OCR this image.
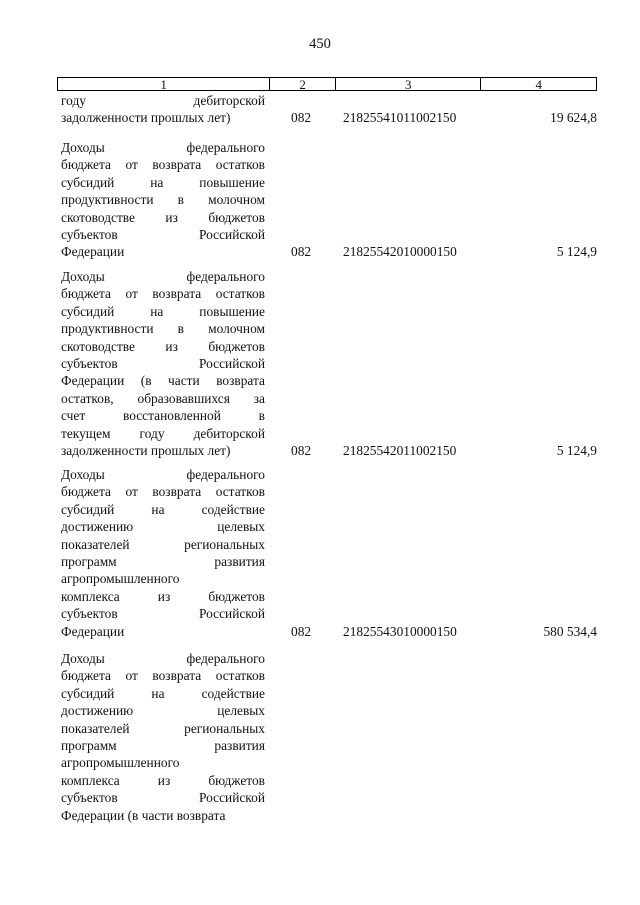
450
1	2	3	4
году дебиторской
задолженности прошлых лет)	082 21825541011002150	19 624,8
Доходы федерального
бюджета от возврата остатков
субсидий на повышение
продуктивности в молочном
скотоводстве из бюджетов
субъектов Российской
Федерации	082 21825542010000150	5 124,9
Доходы федерального
бюджета от возврата остатков
субсидий на повышение
продуктивности в молочном
скотоводстве из бюджетов
субъектов Российской
Федерации (в части возврата
остатков, образовавшихся за
счет восстановленной в
текущем году дебиторской
задолженности прошлых лет)	082 21825542011002150	5 124,9
Доходы федерального
бюджета от возврата остатков
субсидий на содействие
достижению целевых
показателей региональных
программ развития
агропромышленного
комплекса из бюджетов
субъектов Российской
Федерации	082 21825543010000150	580 534,4
Доходы федерального
бюджета от возврата остатков
субсидий на содействие
достижению целевых
показателей региональных
программ развития
агропромышленного
комплекса из бюджетов
субъектов Российской
Федерации (в части возврата
